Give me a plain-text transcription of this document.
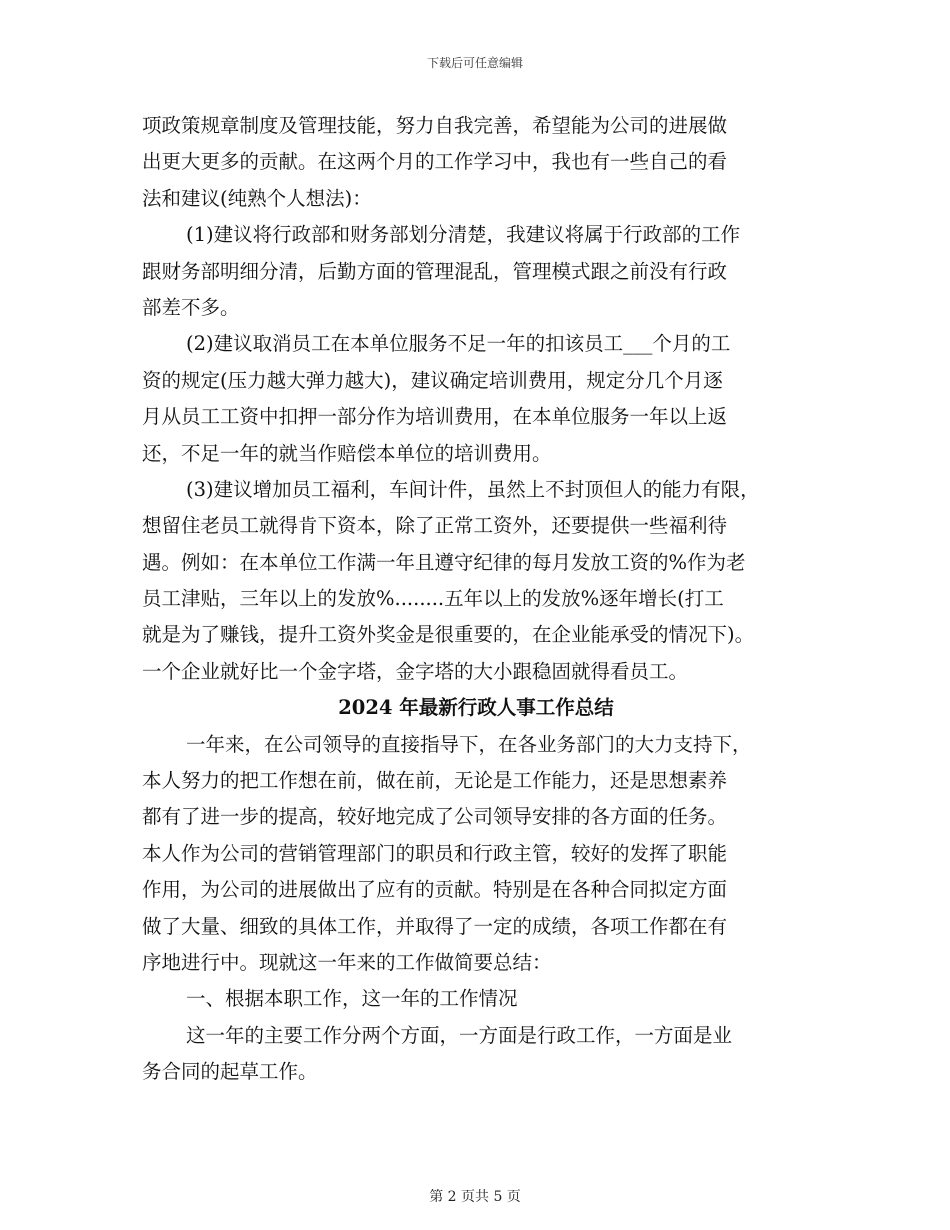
下载后可任意编辑
项政策规章制度及管理技能，努力自我完善，希望能为公司的进展做
出更大更多的贡献。在这两个月的工作学习中，我也有一些自己的看
法和建议(纯熟个人想法)：
(1)建议将行政部和财务部划分清楚，我建议将属于行政部的工作
跟财务部明细分清，后勤方面的管理混乱，管理模式跟之前没有行政
部差不多。
(2)建议取消员工在本单位服务不足一年的扣该员工___个月的工
资的规定(压力越大弹力越大)，建议确定培训费用，规定分几个月逐
月从员工工资中扣押一部分作为培训费用，在本单位服务一年以上返
还，不足一年的就当作赔偿本单位的培训费用。
(3)建议增加员工福利，车间计件，虽然上不封顶但人的能力有限，
想留住老员工就得肯下资本，除了正常工资外，还要提供一些福利待
遇。例如：在本单位工作满一年且遵守纪律的每月发放工资的%作为老
员工津贴，三年以上的发放%........五年以上的发放%逐年增长(打工
就是为了赚钱，提升工资外奖金是很重要的，在企业能承受的情况下)。
一个企业就好比一个金字塔，金字塔的大小跟稳固就得看员工。
2024 年最新行政人事工作总结
一年来，在公司领导的直接指导下，在各业务部门的大力支持下，
本人努力的把工作想在前，做在前，无论是工作能力，还是思想素养
都有了进一步的提高，较好地完成了公司领导安排的各方面的任务。
本人作为公司的营销管理部门的职员和行政主管，较好的发挥了职能
作用，为公司的进展做出了应有的贡献。特别是在各种合同拟定方面
做了大量、细致的具体工作，并取得了一定的成绩，各项工作都在有
序地进行中。现就这一年来的工作做简要总结：
一、根据本职工作，这一年的工作情况
这一年的主要工作分两个方面，一方面是行政工作，一方面是业
务合同的起草工作。
第 2 页共 5 页
